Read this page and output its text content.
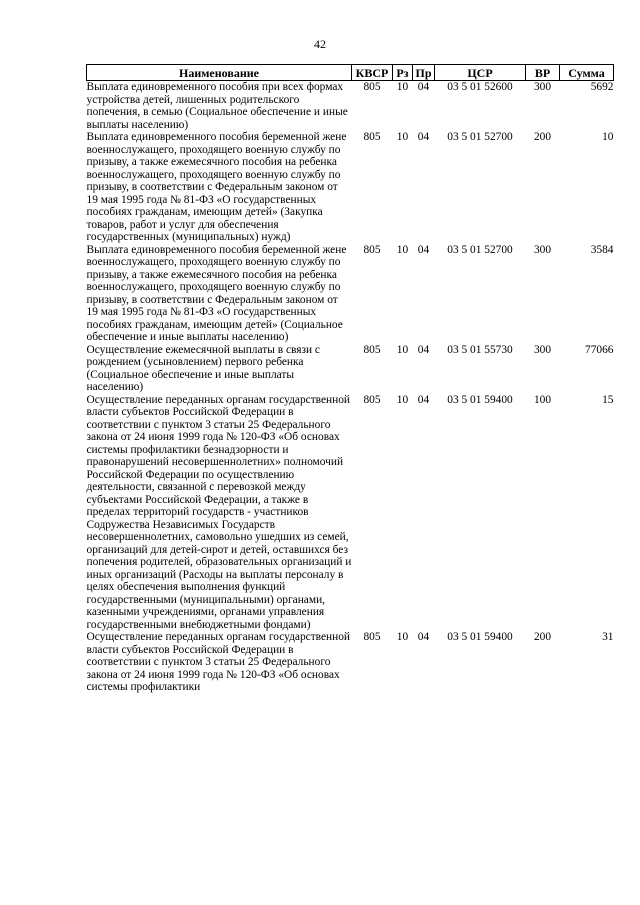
42
Наименование	КВСР	Рз	Пр	ЦСР	ВР	Сумма
Выплата единовременного пособия при всех формах устройства детей, лишенных родительского попечения, в семью (Социальное обеспечение и иные выплаты населению)	805	10	04	03 5 01 52600	300	5692
Выплата единовременного пособия беременной жене военнослужащего, проходящего военную службу по призыву, а также ежемесячного пособия на ребенка военнослужащего, проходящего военную службу по призыву, в соответствии с Федеральным законом от 19 мая 1995 года № 81-ФЗ «О государственных пособиях гражданам, имеющим детей» (Закупка товаров, работ и услуг для обеспечения государственных (муниципальных) нужд)	805	10	04	03 5 01 52700	200	10
Выплата единовременного пособия беременной жене военнослужащего, проходящего военную службу по призыву, а также ежемесячного пособия на ребенка военнослужащего, проходящего военную службу по призыву, в соответствии с Федеральным законом от 19 мая 1995 года № 81-ФЗ «О государственных пособиях гражданам, имеющим детей» (Социальное обеспечение и иные выплаты населению)	805	10	04	03 5 01 52700	300	3584
Осуществление ежемесячной выплаты в связи с рождением (усыновлением) первого ребенка (Социальное обеспечение и иные выплаты населению)	805	10	04	03 5 01 55730	300	77066
Осуществление переданных органам государственной власти субъектов Российской Федерации в соответствии с пунктом 3 статьи 25 Федерального закона от 24 июня 1999 года № 120-ФЗ «Об основах системы профилактики безнадзорности и правонарушений несовершеннолетних» полномочий Российской Федерации по осуществлению деятельности, связанной с перевозкой между субъектами Российской Федерации, а также в пределах территорий государств - участников Содружества Независимых Государств несовершеннолетних, самовольно ушедших из семей, организаций для детей-сирот и детей, оставшихся без попечения родителей, образовательных организаций и иных организаций (Расходы на выплаты персоналу в целях обеспечения выполнения функций государственными (муниципальными) органами, казенными учреждениями, органами управления государственными внебюджетными фондами)	805	10	04	03 5 01 59400	100	15
Осуществление переданных органам государственной власти субъектов Российской Федерации в соответствии с пунктом 3 статьи 25 Федерального закона от 24 июня 1999 года № 120-ФЗ «Об основах системы профилактики	805	10	04	03 5 01 59400	200	31
